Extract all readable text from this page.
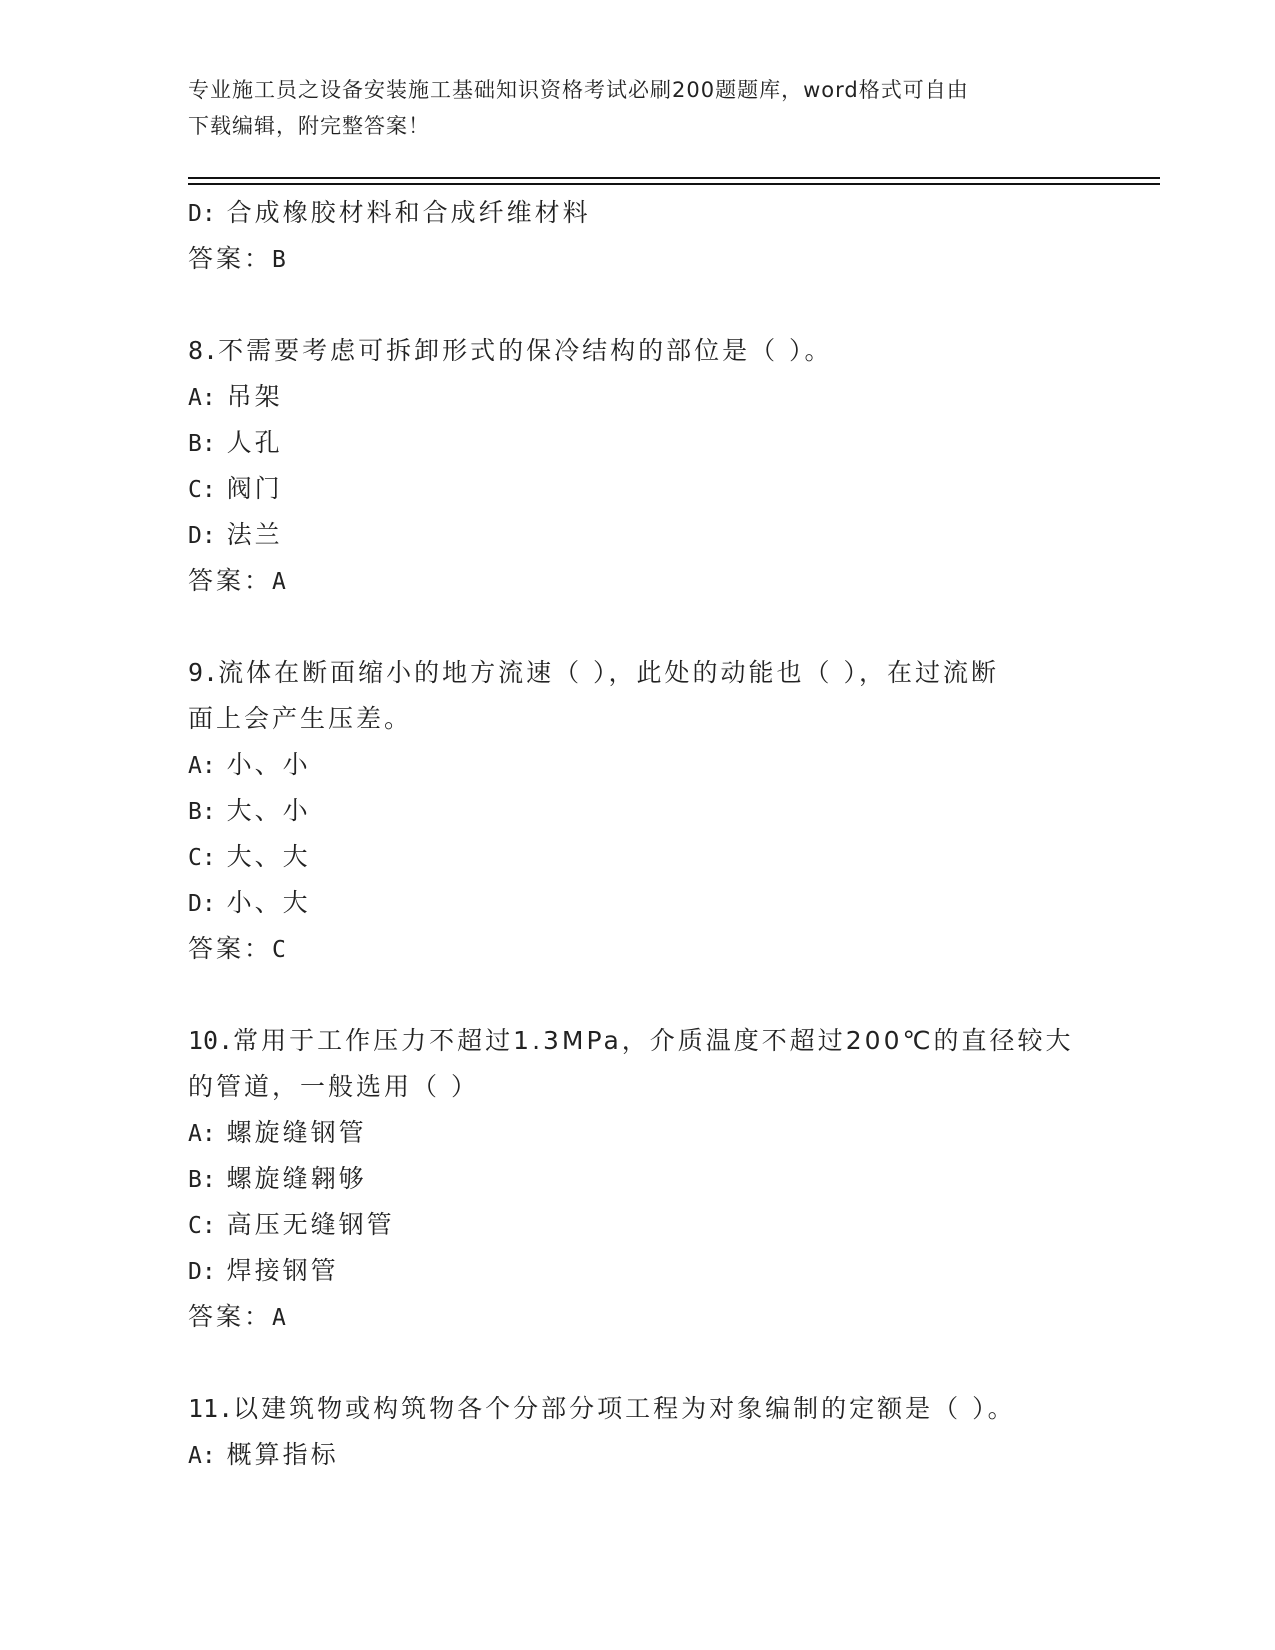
专业施工员之设备安装施工基础知识资格考试必刷200题题库，word格式可自由
下载编辑，附完整答案！
D: 合成橡胶材料和合成纤维材料
答案：B
8.不需要考虑可拆卸形式的保冷结构的部位是（ ）。
A: 吊架
B: 人孔
C: 阀门
D: 法兰
答案：A
9.流体在断面缩小的地方流速（ ），此处的动能也（ ），在过流断
面上会产生压差。
A: 小、小
B: 大、小
C: 大、大
D: 小、大
答案：C
10.常用于工作压力不超过1.3MPa，介质温度不超过200℃的直径较大
的管道，一般选用（ ）
A: 螺旋缝钢管
B: 螺旋缝翱够
C: 高压无缝钢管
D: 焊接钢管
答案：A
11.以建筑物或构筑物各个分部分项工程为对象编制的定额是（ ）。
A: 概算指标
